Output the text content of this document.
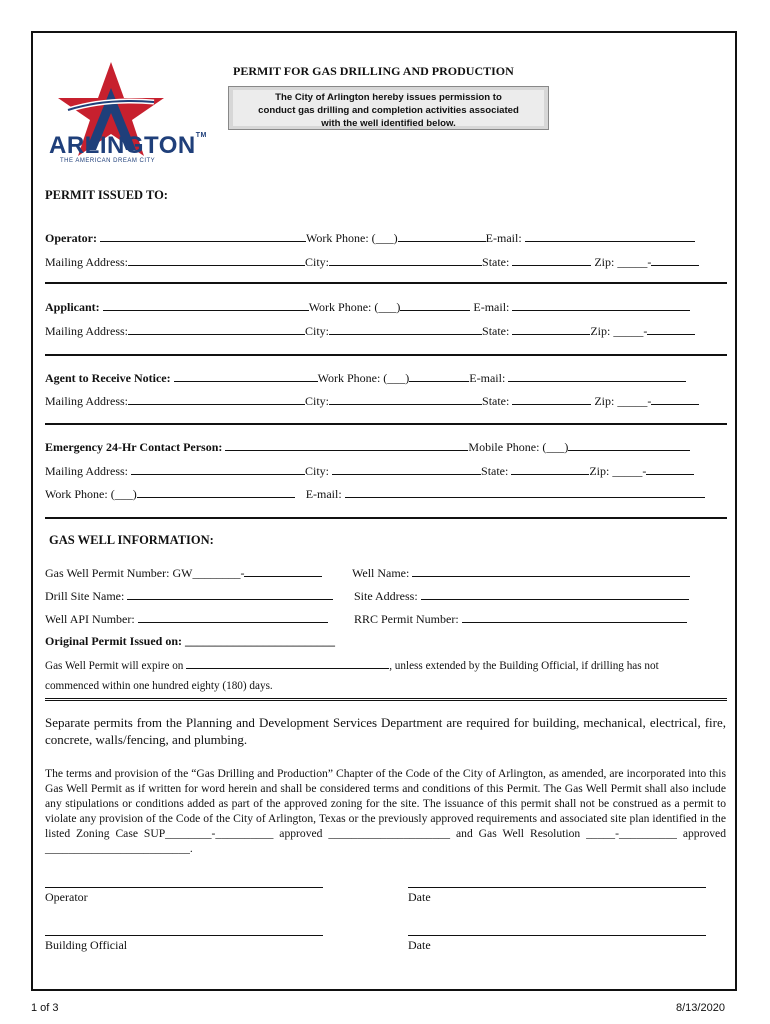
ARLINGTON™
THE AMERICAN DREAM CITY
PERMIT FOR GAS DRILLING AND PRODUCTION
The City of Arlington hereby issues permission to
conduct gas drilling and completion activities associated
with the well identified below.
PERMIT ISSUED TO:
Operator:	Work Phone: (___)	E-mail:
Mailing Address:	City:	State:	Zip: _____-
Applicant:	Work Phone: (___)	E-mail:
Mailing Address:	City:	State:	Zip: _____-
Agent to Receive Notice:	Work Phone: (___)	E-mail:
Mailing Address:	City:	State:	Zip: _____-
Emergency 24-Hr Contact Person:	Mobile Phone: (___)
Mailing Address:	City:	State:	Zip: _____-
Work Phone: (___)	E-mail:
GAS WELL INFORMATION:
Gas Well Permit Number: GW________-	Well Name:
Drill Site Name:	Site Address:
Well API Number:	RRC Permit Number:
Original Permit Issued on: _________________________
Gas Well Permit will expire on	, unless extended by the Building Official, if drilling has not
commenced within one hundred eighty (180) days.
Separate permits from the Planning and Development Services Department are required for building, mechanical, electrical, fire, concrete, walls/fencing, and plumbing.
The terms and provision of the “Gas Drilling and Production” Chapter of the Code of the City of Arlington, as amended, are incorporated into this Gas Well Permit as if written for word herein and shall be considered terms and conditions of this Permit. The Gas Well Permit shall also include any stipulations or conditions added as part of the approved zoning for the site. The issuance of this permit shall not be construed as a permit to violate any provision of the Code of the City of Arlington, Texas or the previously approved requirements and associated site plan identified in the listed Zoning Case SUP________-__________ approved _____________________ and Gas Well Resolution _____-__________ approved _________________________.
Operator	Date
Building Official	Date
1 of 3	8/13/2020
